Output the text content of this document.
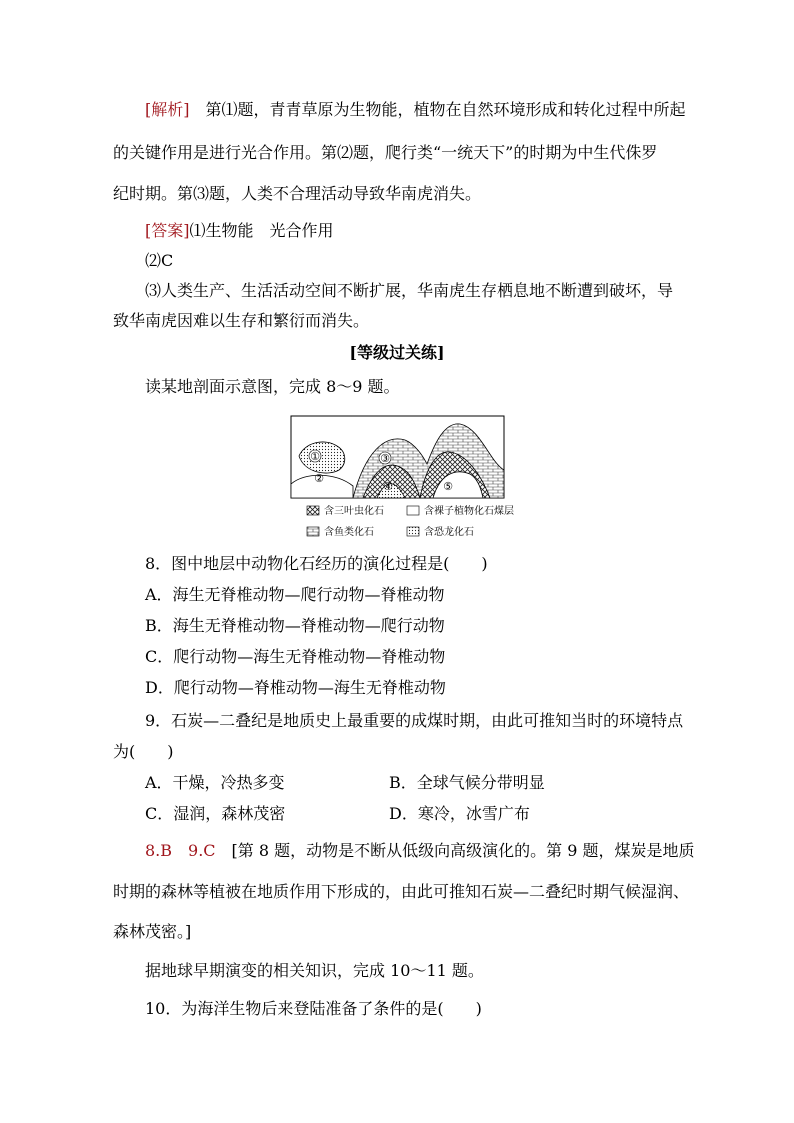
[解析]　第⑴题，青青草原为生物能，植物在自然环境形成和转化过程中所起
的关键作用是进行光合作用。第⑵题，爬行类“一统天下”的时期为中生代侏罗
纪时期。第⑶题，人类不合理活动导致华南虎消失。
[答案]⑴生物能　光合作用
⑵C
⑶人类生产、生活活动空间不断扩展，华南虎生存栖息地不断遭到破坏，导
致华南虎因难以生存和繁衍而消失。
[等级过关练]
读某地剖面示意图，完成 8～9 题。
①
②
③
④	⑤
含三叶虫化石	含裸子植物化石煤层
含鱼类化石	含恐龙化石
8．图中地层中动物化石经历的演化过程是(　　)
A．海生无脊椎动物—爬行动物—脊椎动物
B．海生无脊椎动物—脊椎动物—爬行动物
C．爬行动物—海生无脊椎动物—脊椎动物
D．爬行动物—脊椎动物—海生无脊椎动物
9．石炭—二叠纪是地质史上最重要的成煤时期，由此可推知当时的环境特点
为(　　)
A．干燥，冷热多变	B．全球气候分带明显
C．湿润，森林茂密	D．寒冷，冰雪广布
8.B　9.C　[第 8 题，动物是不断从低级向高级演化的。第 9 题，煤炭是地质
时期的森林等植被在地质作用下形成的，由此可推知石炭—二叠纪时期气候湿润、
森林茂密。]
据地球早期演变的相关知识，完成 10～11 题。
10．为海洋生物后来登陆准备了条件的是(　　)
